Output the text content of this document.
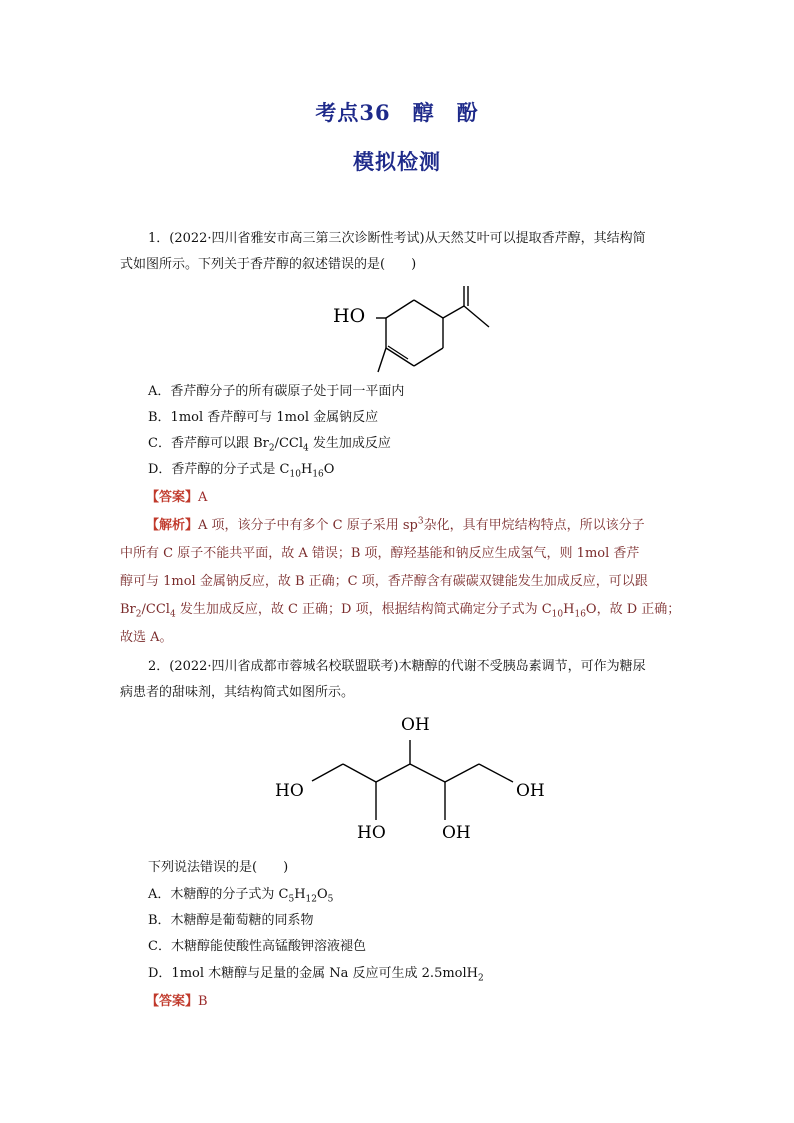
考点36　醇　酚
模拟检测
1．(2022·四川省雅安市高三第三次诊断性考试)从天然艾叶可以提取香芹醇，其结构简
式如图所示。下列关于香芹醇的叙述错误的是(　　)
HO
A．香芹醇分子的所有碳原子处于同一平面内
B．1mol 香芹醇可与 1mol 金属钠反应
C．香芹醇可以跟 $Br_2/CCl_4$ 发生加成反应
D．香芹醇的分子式是 $C_{10}H_{16}O$
【答案】A
【解析】A 项，该分子中有多个 C 原子采用 $sp^3$杂化，具有甲烷结构特点，所以该分子
中所有 C 原子不能共平面，故 A 错误；B 项，醇羟基能和钠反应生成氢气，则 1mol 香芹
醇可与 1mol 金属钠反应，故 B 正确；C 项，香芹醇含有碳碳双键能发生加成反应，可以跟
$Br_2/CCl_4$ 发生加成反应，故 C 正确；D 项，根据结构简式确定分子式为 $C_{10}H_{16}O$，故 D 正确；
故选 A。
2．(2022·四川省成都市蓉城名校联盟联考)木糖醇的代谢不受胰岛素调节，可作为糖尿
病患者的甜味剂，其结构简式如图所示。
OH
HO	OH
HO	OH
下列说法错误的是(　　)
A．木糖醇的分子式为 $C_5H_{12}O_5$
B．木糖醇是葡萄糖的同系物
C．木糖醇能使酸性高锰酸钾溶液褪色
D．1mol 木糖醇与足量的金属 Na 反应可生成 2.5molH$_2$
【答案】B
